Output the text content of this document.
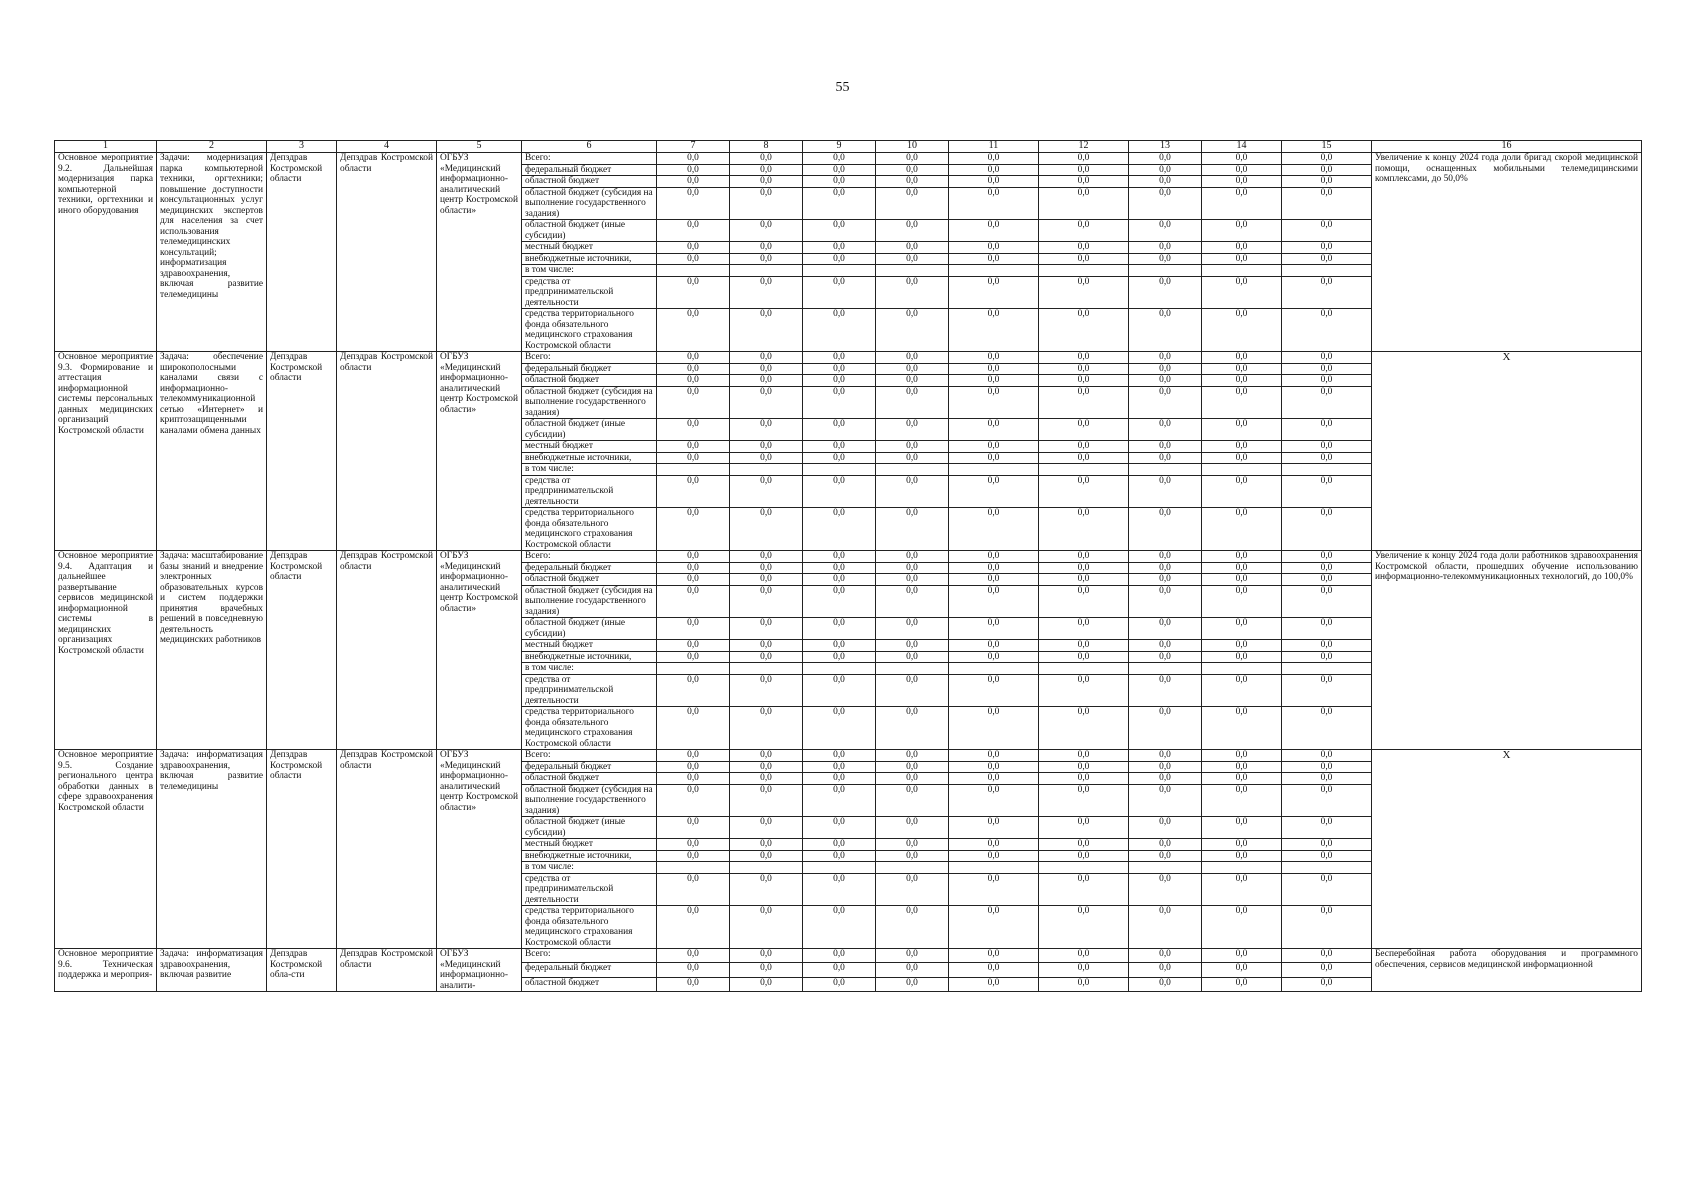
55
1	2	3	4	5	6	7	8	9	10	11	12	13	14	15	16
Основное мероприятие 9.2. Дальнейшая модернизация парка компьютерной техники, оргтехники и иного оборудования	Задачи: модернизация парка компьютерной техники, оргтехники; повышение доступности консультационных услуг медицинских экспертов для населения за счет использования телемедицинских консультаций; информатизация здравоохранения, включая развитие телемедицины	Депздрав Костромской области	Депздрав Костромской области	ОГБУЗ «Медицинский информационно-аналитический центр Костромской области»	Всего:	0,0	0,0	0,0	0,0	0,0	0,0	0,0	0,0	0,0	Увеличение к концу 2024 года доли бригад скорой медицинской помощи, оснащенных мобильными телемедицинскими комплексами, до 50,0%
					федеральный бюджет	0,0	0,0	0,0	0,0	0,0	0,0	0,0	0,0	0,0	
					областной бюджет	0,0	0,0	0,0	0,0	0,0	0,0	0,0	0,0	0,0	
					областной бюджет (субсидия на выполнение государственного задания)	0,0	0,0	0,0	0,0	0,0	0,0	0,0	0,0	0,0	
					областной бюджет (иные субсидии)	0,0	0,0	0,0	0,0	0,0	0,0	0,0	0,0	0,0	
					местный бюджет	0,0	0,0	0,0	0,0	0,0	0,0	0,0	0,0	0,0	
					внебюджетные источники,	0,0	0,0	0,0	0,0	0,0	0,0	0,0	0,0	0,0	
					в том числе:										
					средства от предпринимательской деятельности	0,0	0,0	0,0	0,0	0,0	0,0	0,0	0,0	0,0	
					средства территориального фонда обязательного медицинского страхования Костромской области	0,0	0,0	0,0	0,0	0,0	0,0	0,0	0,0	0,0	
Основное мероприятие 9.3. Формирование и аттестация информационной системы персональных данных медицинских организаций Костромской области	Задача: обеспечение широкополосными каналами связи с информационно-телекоммуникационной сетью «Интернет» и криптозащищенными каналами обмена данных	Депздрав Костромской области	Депздрав Костромской области	ОГБУЗ «Медицинский информационно-аналитический центр Костромской области»	Всего:	0,0	0,0	0,0	0,0	0,0	0,0	0,0	0,0	0,0	X
					федеральный бюджет	0,0	0,0	0,0	0,0	0,0	0,0	0,0	0,0	0,0	
					областной бюджет	0,0	0,0	0,0	0,0	0,0	0,0	0,0	0,0	0,0	
					областной бюджет (субсидия на выполнение государственного задания)	0,0	0,0	0,0	0,0	0,0	0,0	0,0	0,0	0,0	
					областной бюджет (иные субсидии)	0,0	0,0	0,0	0,0	0,0	0,0	0,0	0,0	0,0	
					местный бюджет	0,0	0,0	0,0	0,0	0,0	0,0	0,0	0,0	0,0	
					внебюджетные источники,	0,0	0,0	0,0	0,0	0,0	0,0	0,0	0,0	0,0	
					в том числе:										
					средства от предпринимательской деятельности	0,0	0,0	0,0	0,0	0,0	0,0	0,0	0,0	0,0	
					средства территориального фонда обязательного медицинского страхования Костромской области	0,0	0,0	0,0	0,0	0,0	0,0	0,0	0,0	0,0	
Основное мероприятие 9.4. Адаптация и дальнейшее развертывание сервисов медицинской информационной системы в медицинских организациях Костромской области	Задача: масштабирование базы знаний и внедрение электронных образовательных курсов и систем поддержки принятия врачебных решений в повседневную деятельность медицинских работников	Депздрав Костромской области	Депздрав Костромской области	ОГБУЗ «Медицинский информационно-аналитический центр Костромской области»	Всего:	0,0	0,0	0,0	0,0	0,0	0,0	0,0	0,0	0,0	Увеличение к концу 2024 года доли работников здравоохранения Костромской области, прошедших обучение использованию информационно-телекоммуникационных технологий, до 100,0%
					федеральный бюджет	0,0	0,0	0,0	0,0	0,0	0,0	0,0	0,0	0,0	
					областной бюджет	0,0	0,0	0,0	0,0	0,0	0,0	0,0	0,0	0,0	
					областной бюджет (субсидия на выполнение государственного задания)	0,0	0,0	0,0	0,0	0,0	0,0	0,0	0,0	0,0	
					областной бюджет (иные субсидии)	0,0	0,0	0,0	0,0	0,0	0,0	0,0	0,0	0,0	
					местный бюджет	0,0	0,0	0,0	0,0	0,0	0,0	0,0	0,0	0,0	
					внебюджетные источники,	0,0	0,0	0,0	0,0	0,0	0,0	0,0	0,0	0,0	
					в том числе:										
					средства от предпринимательской деятельности	0,0	0,0	0,0	0,0	0,0	0,0	0,0	0,0	0,0	
					средства территориального фонда обязательного медицинского страхования Костромской области	0,0	0,0	0,0	0,0	0,0	0,0	0,0	0,0	0,0	
Основное мероприятие 9.5. Создание регионального центра обработки данных в сфере здравоохранения Костромской области	Задача: информатизация здравоохранения, включая развитие телемедицины	Депздрав Костромской области	Депздрав Костромской области	ОГБУЗ «Медицинский информационно-аналитический центр Костромской области»	Всего:	0,0	0,0	0,0	0,0	0,0	0,0	0,0	0,0	0,0	X
					федеральный бюджет	0,0	0,0	0,0	0,0	0,0	0,0	0,0	0,0	0,0	
					областной бюджет	0,0	0,0	0,0	0,0	0,0	0,0	0,0	0,0	0,0	
					областной бюджет (субсидия на выполнение государственного задания)	0,0	0,0	0,0	0,0	0,0	0,0	0,0	0,0	0,0	
					областной бюджет (иные субсидии)	0,0	0,0	0,0	0,0	0,0	0,0	0,0	0,0	0,0	
					местный бюджет	0,0	0,0	0,0	0,0	0,0	0,0	0,0	0,0	0,0	
					внебюджетные источники,	0,0	0,0	0,0	0,0	0,0	0,0	0,0	0,0	0,0	
					в том числе:										
					средства от предпринимательской деятельности	0,0	0,0	0,0	0,0	0,0	0,0	0,0	0,0	0,0	
					средства территориального фонда обязательного медицинского страхования Костромской области	0,0	0,0	0,0	0,0	0,0	0,0	0,0	0,0	0,0	
Основное мероприятие 9.6. Техническая поддержка и мероприя-	Задача: информатизация здравоохранения, включая развитие	Депздрав Костромской обла-сти	Депздрав Костромской области	ОГБУЗ «Медицинский информационно-аналити-	Всего:	0,0	0,0	0,0	0,0	0,0	0,0	0,0	0,0	0,0	Бесперебойная работа оборудования и программного обеспечения, сервисов медицинской информационной
					федеральный бюджет	0,0	0,0	0,0	0,0	0,0	0,0	0,0	0,0	0,0	
					областной бюджет	0,0	0,0	0,0	0,0	0,0	0,0	0,0	0,0	0,0	
